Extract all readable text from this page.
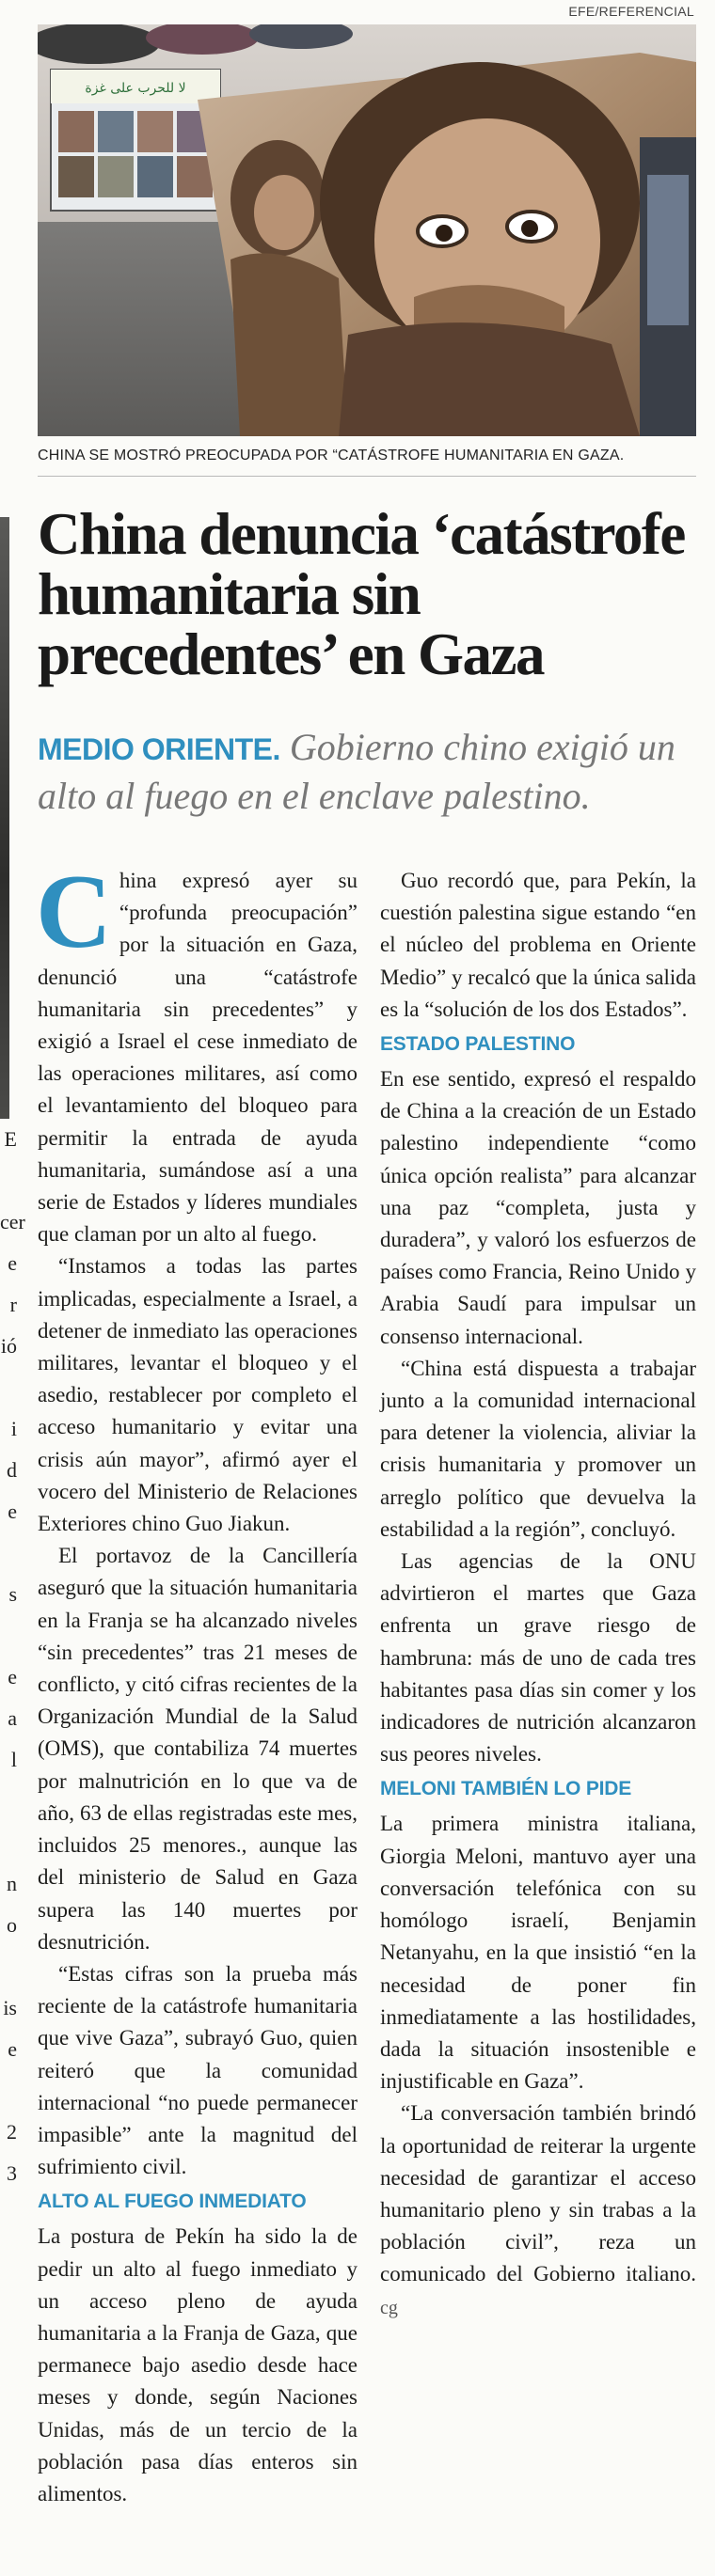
E
cer
e
r
ió
i
d
e
s
e
a
l
n
o
is
e
2
3
EFE/REFERENCIAL
لا للحرب على غزة
CHINA SE MOSTRÓ PREOCUPADA POR “CATÁSTROFE HUMANITARIA EN GAZA.
China denuncia ‘catástrofe humanitaria sin precedentes’ en Gaza
MEDIO ORIENTE. Gobierno chino exigió un alto al fuego en el enclave palestino.

China expresó ayer su “profunda preocupación” por la situación en Gaza, denunció una “catástrofe humanitaria sin precedentes” y exigió a Israel el cese inmediato de las operaciones militares, así como el levantamiento del bloqueo para permitir la entrada de ayuda humanitaria, sumándose así a una serie de Estados y líderes mundiales que claman por un alto al fuego.

“Instamos a todas las partes implicadas, especialmente a Israel, a detener de inmediato las operaciones militares, levantar el bloqueo y el asedio, restablecer por completo el acceso humanitario y evitar una crisis aún mayor”, afirmó ayer el vocero del Ministerio de Relaciones Exteriores chino Guo Jiakun.

El portavoz de la Cancillería aseguró que la situación humanitaria en la Franja se ha alcanzado niveles “sin precedentes” tras 21 meses de conflicto, y citó cifras recientes de la Organización Mundial de la Salud (OMS), que contabiliza 74 muertes por malnutrición en lo que va de año, 63 de ellas registradas este mes, incluidos 25 menores., aunque las del ministerio de Salud en Gaza supera las 140 muertes por desnutrición.

“Estas cifras son la prueba más reciente de la catástrofe humanitaria que vive Gaza”, subrayó Guo, quien reiteró que la comunidad internacional “no puede permanecer impasible” ante la magnitud del sufrimiento civil.

ALTO AL FUEGO INMEDIATO

La postura de Pekín ha sido la de pedir un alto al fuego inmediato y un acceso pleno de ayuda humanitaria a la Franja de Gaza, que permanece bajo asedio desde hace meses y donde, según Naciones Unidas, más de un tercio de la población pasa días enteros sin alimentos.

Guo recordó que, para Pekín, la cuestión palestina sigue estando “en el núcleo del problema en Oriente Medio” y recalcó que la única salida es la “solución de los dos Estados”.

ESTADO PALESTINO

En ese sentido, expresó el respaldo de China a la creación de un Estado palestino independiente “como única opción realista” para alcanzar una paz “completa, justa y duradera”, y valoró los esfuerzos de países como Francia, Reino Unido y Arabia Saudí para impulsar un consenso internacional.

“China está dispuesta a trabajar junto a la comunidad internacional para detener la violencia, aliviar la crisis humanitaria y promover un arreglo político que devuelva la estabilidad a la región”, concluyó.

Las agencias de la ONU advirtieron el martes que Gaza enfrenta un grave riesgo de hambruna: más de uno de cada tres habitantes pasa días sin comer y los indicadores de nutrición alcanzaron sus peores niveles.

MELONI TAMBIÉN LO PIDE

La primera ministra italiana, Giorgia Meloni, mantuvo ayer una conversación telefónica con su homólogo israelí, Benjamin Netanyahu, en la que insistió “en la necesidad de poner fin inmediatamente a las hostilidades, dada la situación insostenible e injustificable en Gaza”.

“La conversación también brindó la oportunidad de reiterar la urgente necesidad de garantizar el acceso humanitario pleno y sin trabas a la población civil”, reza un comunicado del Gobierno italiano. cg
